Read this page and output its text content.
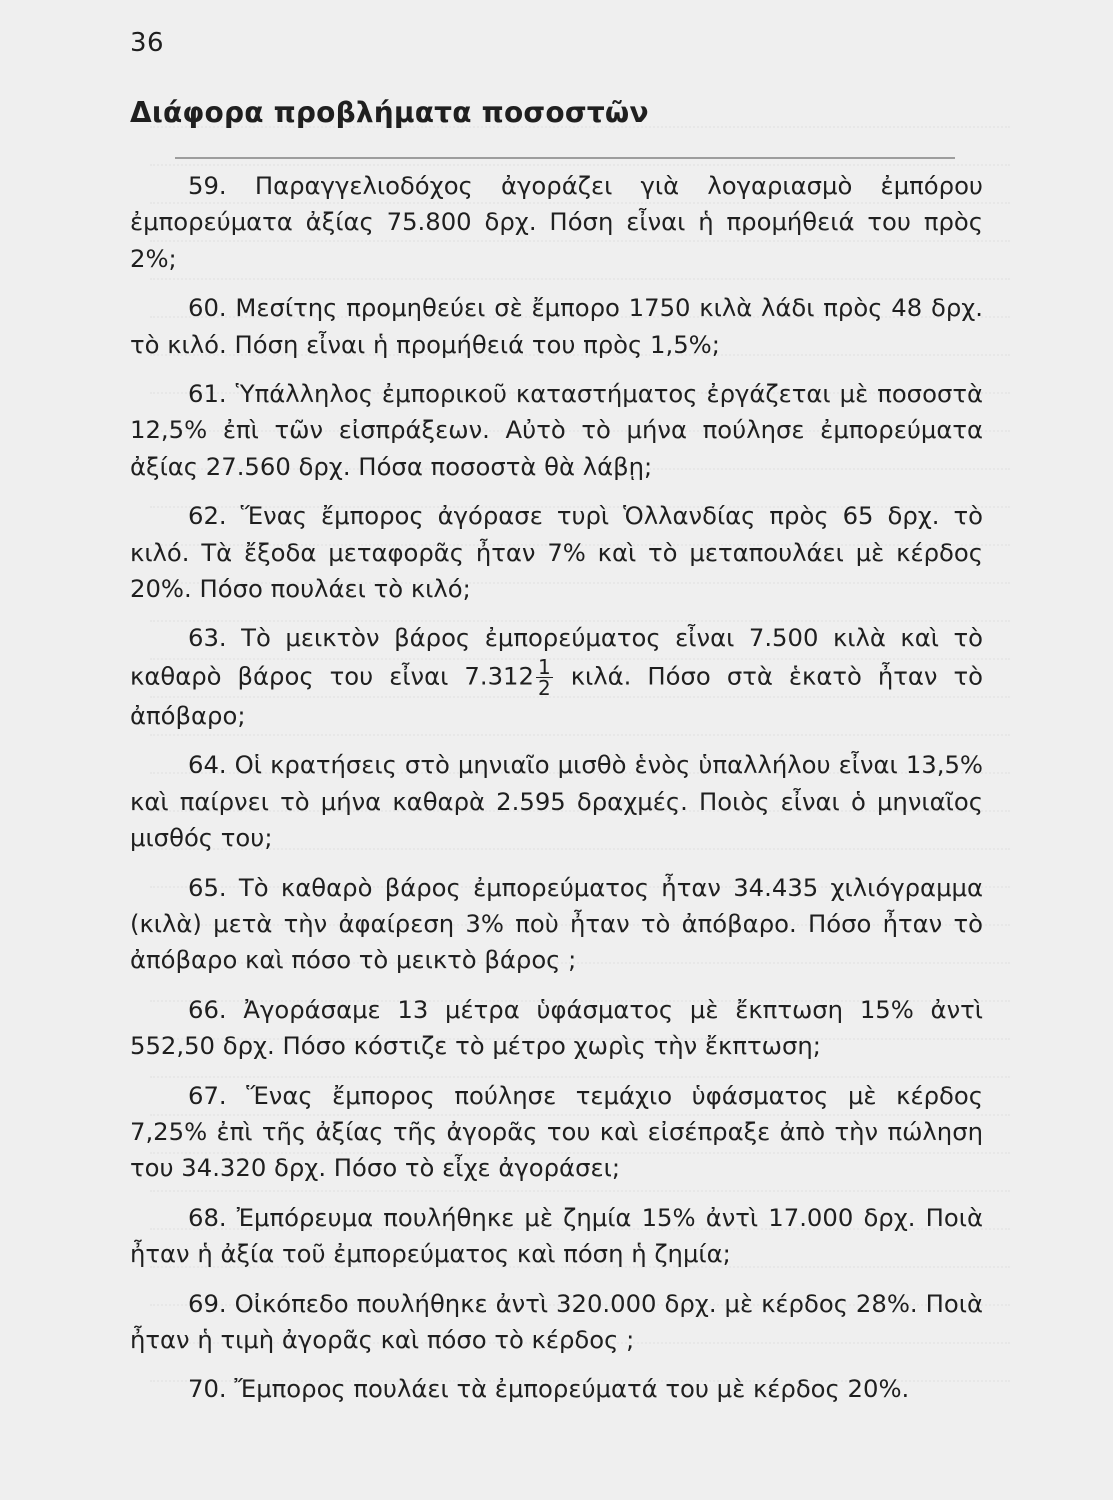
36
Διάφορα προβλήματα ποσοστῶν

59. Παραγγελιοδόχος ἀγοράζει γιὰ λογαριασμὸ ἐμπόρου ἐμπορεύματα ἀξίας 75.800 δρχ. Πόση εἶναι ἡ προμήθειά του πρὸς 2%;

60. Μεσίτης προμηθεύει σὲ ἔμπορο 1750 κιλὰ λάδι πρὸς 48 δρχ. τὸ κιλό. Πόση εἶναι ἡ προμήθειά του πρὸς 1,5%;

61. Ὑπάλληλος ἐμπορικοῦ καταστήματος ἐργάζεται μὲ ποσοστὰ 12,5% ἐπὶ τῶν εἰσπράξεων. Αὐτὸ τὸ μήνα πούλησε ἐμπορεύματα ἀξίας 27.560 δρχ. Πόσα ποσοστὰ θὰ λάβῃ;

62. Ἕνας ἔμπορος ἀγόρασε τυρὶ Ὁλλανδίας πρὸς 65 δρχ. τὸ κιλό. Τὰ ἔξοδα μεταφορᾶς ἦταν 7% καὶ τὸ μεταπουλάει μὲ κέρδος 20%. Πόσο πουλάει τὸ κιλό;

63. Τὸ μεικτὸν βάρος ἐμπορεύματος εἶναι 7.500 κιλὰ καὶ τὸ καθαρὸ βάρος του εἶναι $7.312 \frac{1}{2} \kappa\iota\lambda ά$. Πόσο στὰ ἑκατὸ ἦταν τὸ ἀπόβαρο;

64. Οἱ κρατήσεις στὸ μηνιαῖο μισθὸ ἑνὸς ὑπαλλήλου εἶναι 13,5% καὶ παίρνει τὸ μήνα καθαρὰ 2.595 δραχμές. Ποιὸς εἶναι ὁ μηνιαῖος μισθός του;

65. Τὸ καθαρὸ βάρος ἐμπορεύματος ἦταν 34.435 χιλιόγραμμα (κιλὰ) μετὰ τὴν ἀφαίρεση 3% ποὺ ἦταν τὸ ἀπόβαρο. Πόσο ἦταν τὸ ἀπόβαρο καὶ πόσο τὸ μεικτὸ βάρος ;

66. Ἀγοράσαμε 13 μέτρα ὑφάσματος μὲ ἔκπτωση 15% ἀντὶ 552,50 δρχ. Πόσο κόστιζε τὸ μέτρο χωρὶς τὴν ἔκπτωση;

67. Ἕνας ἔμπορος πούλησε τεμάχιο ὑφάσματος μὲ κέρδος 7,25% ἐπὶ τῆς ἀξίας τῆς ἀγορᾶς του καὶ εἰσέπραξε ἀπὸ τὴν πώληση του 34.320 δρχ. Πόσο τὸ εἶχε ἀγοράσει;

68. Ἐμπόρευμα πουλήθηκε μὲ ζημία 15% ἀντὶ 17.000 δρχ. Ποιὰ ἦταν ἡ ἀξία τοῦ ἐμπορεύματος καὶ πόση ἡ ζημία;

69. Οἰκόπεδο πουλήθηκε ἀντὶ 320.000 δρχ. μὲ κέρδος 28%. Ποιὰ ἦταν ἡ τιμὴ ἀγορᾶς καὶ πόσο τὸ κέρδος ;

70. Ἔμπορος πουλάει τὰ ἐμπορεύματά του μὲ κέρδος 20%.
